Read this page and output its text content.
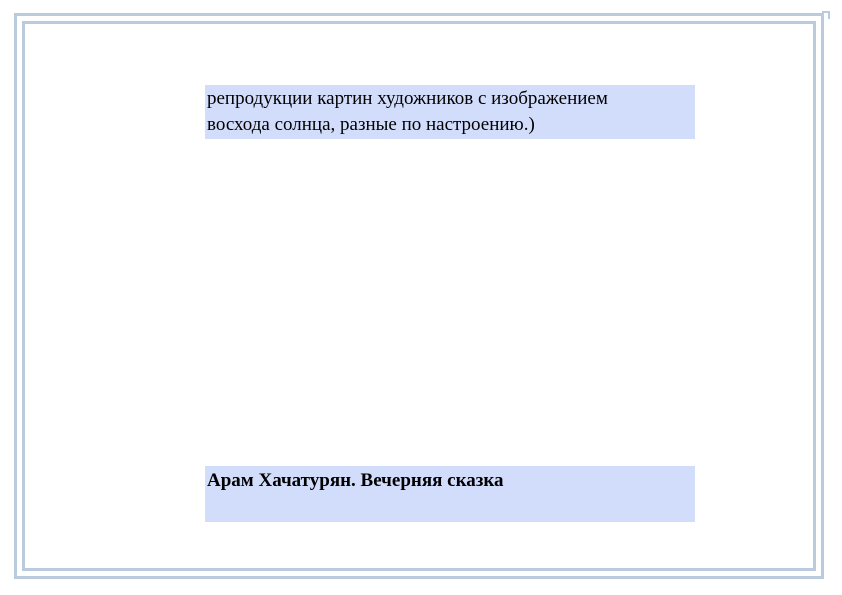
репродукции картин художников с изображением
восхода солнца, разные по настроению.)
Арам Хачатурян. Вечерняя сказка
